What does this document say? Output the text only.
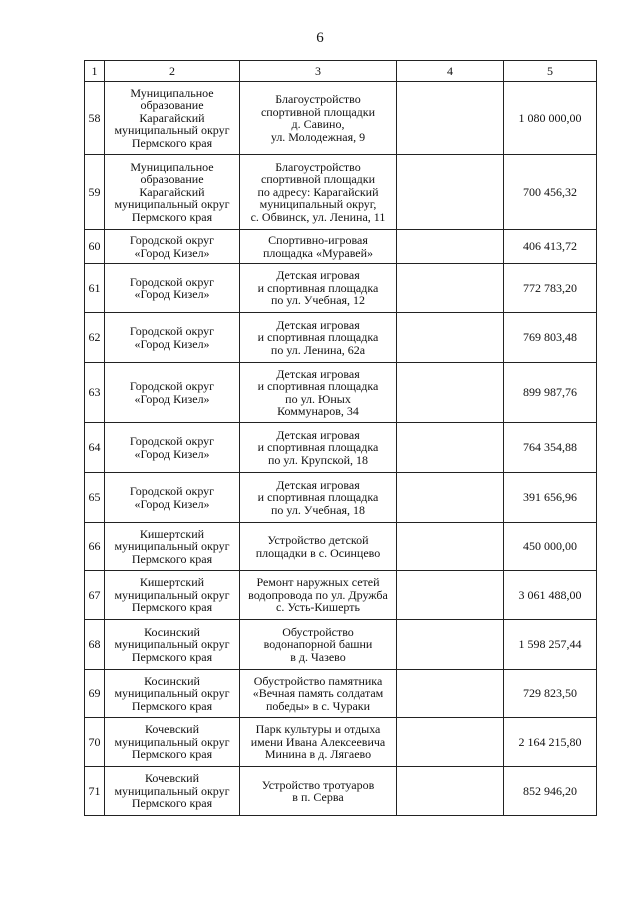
6
1	2	3	4	5
58	Муниципальное
образование
Карагайский
муниципальный округ
Пермского края	Благоустройство
спортивной площадки
д. Савино,
ул. Молодежная, 9		1 080 000,00
59	Муниципальное
образование
Карагайский
муниципальный округ
Пермского края	Благоустройство
спортивной площадки
по адресу: Карагайский
муниципальный округ,
с. Обвинск, ул. Ленина, 11		700 456,32
60	Городской округ
«Город Кизел»	Спортивно-игровая
площадка «Муравей»		406 413,72
61	Городской округ
«Город Кизел»	Детская игровая
и спортивная площадка
по ул. Учебная, 12		772 783,20
62	Городской округ
«Город Кизел»	Детская игровая
и спортивная площадка
по ул. Ленина, 62а		769 803,48
63	Городской округ
«Город Кизел»	Детская игровая
и спортивная площадка
по ул. Юных
Коммунаров, 34		899 987,76
64	Городской округ
«Город Кизел»	Детская игровая
и спортивная площадка
по ул. Крупской, 18		764 354,88
65	Городской округ
«Город Кизел»	Детская игровая
и спортивная площадка
по ул. Учебная, 18		391 656,96
66	Кишертский
муниципальный округ
Пермского края	Устройство детской
площадки в с. Осинцево		450 000,00
67	Кишертский
муниципальный округ
Пермского края	Ремонт наружных сетей
водопровода по ул. Дружба
с. Усть-Кишерть		3 061 488,00
68	Косинский
муниципальный округ
Пермского края	Обустройство
водонапорной башни
в д. Чазево		1 598 257,44
69	Косинский
муниципальный округ
Пермского края	Обустройство памятника
«Вечная память солдатам
победы» в с. Чураки		729 823,50
70	Кочевский
муниципальный округ
Пермского края	Парк культуры и отдыха
имени Ивана Алексеевича
Минина в д. Лягаево		2 164 215,80
71	Кочевский
муниципальный округ
Пермского края	Устройство тротуаров
в п. Серва		852 946,20
